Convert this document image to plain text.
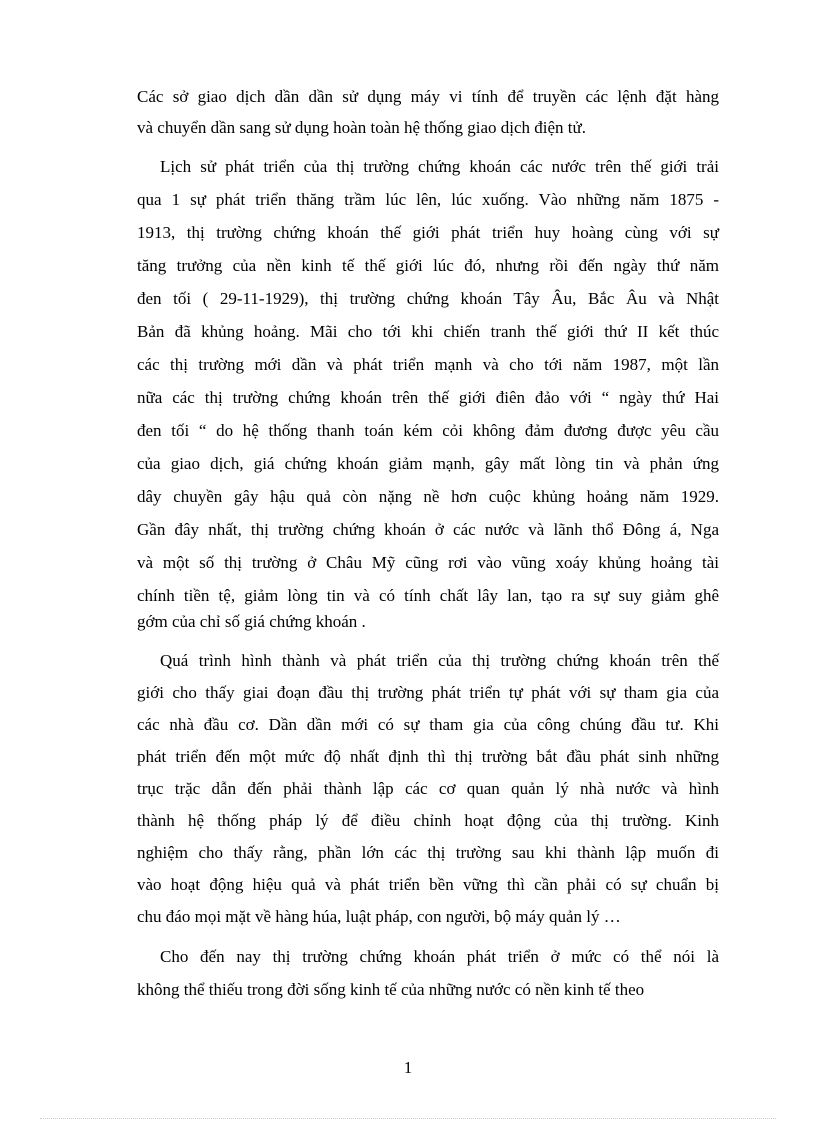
Các sở giao dịch dần dần sử dụng máy vi tính để truyền các lệnh đặt hàng
và chuyển dần sang sử dụng hoàn toàn hệ thống giao dịch điện tử.
Lịch sử phát triển của thị trường chứng khoán các nước trên thế giới trải
qua 1 sự phát triển thăng trầm lúc lên, lúc xuống. Vào những năm 1875 -
1913, thị trường chứng khoán thế giới phát triển huy hoàng cùng với sự
tăng trưởng của nền kinh tế thế giới lúc đó, nhưng rồi đến ngày thứ năm
đen tối ( 29-11-1929), thị trường chứng khoán Tây Âu, Bắc Âu và Nhật
Bản đã khủng hoảng. Mãi cho tới khi chiến tranh thế giới thứ II kết thúc
các thị trường mới dần và phát triển mạnh và cho tới năm 1987, một lần
nữa các thị trường chứng khoán trên thế giới điên đảo với “ ngày thứ Hai
đen tối “ do hệ thống thanh toán kém cỏi không đảm đương được yêu cầu
của giao dịch, giá chứng khoán giảm mạnh, gây mất lòng tin và phản ứng
dây chuyền gây hậu quả còn nặng nề hơn cuộc khủng hoảng năm 1929.
Gần đây nhất, thị trường chứng khoán ở các nước và lãnh thổ Đông á, Nga
và một số thị trường ở Châu Mỹ cũng rơi vào vũng xoáy khủng hoảng tài
chính tiền tệ, giảm lòng tin và có tính chất lây lan, tạo ra sự suy giảm ghê
gớm của chỉ số giá chứng khoán .
Quá trình hình thành và phát triển của thị trường chứng khoán trên thế
giới cho thấy giai đoạn đầu thị trường phát triển tự phát với sự tham gia của
các nhà đầu cơ. Dần dần mới có sự tham gia của công chúng đầu tư. Khi
phát triển đến một mức độ nhất định thì thị trường bắt đầu phát sinh những
trục trặc dẫn đến phải thành lập các cơ quan quản lý nhà nước và hình
thành hệ thống pháp lý để điều chỉnh hoạt động của thị trường. Kinh
nghiệm cho thấy rằng, phần lớn các thị trường sau khi thành lập muốn đi
vào hoạt động hiệu quả và phát triển bền vững thì cần phải có sự chuẩn bị
chu đáo mọi mặt về hàng húa, luật pháp, con người, bộ máy quản lý …
Cho đến nay thị trường chứng khoán phát triển ở mức có thể nói là
không thể thiếu trong đời sống kinh tế của những nước có nền kinh tế theo
1
